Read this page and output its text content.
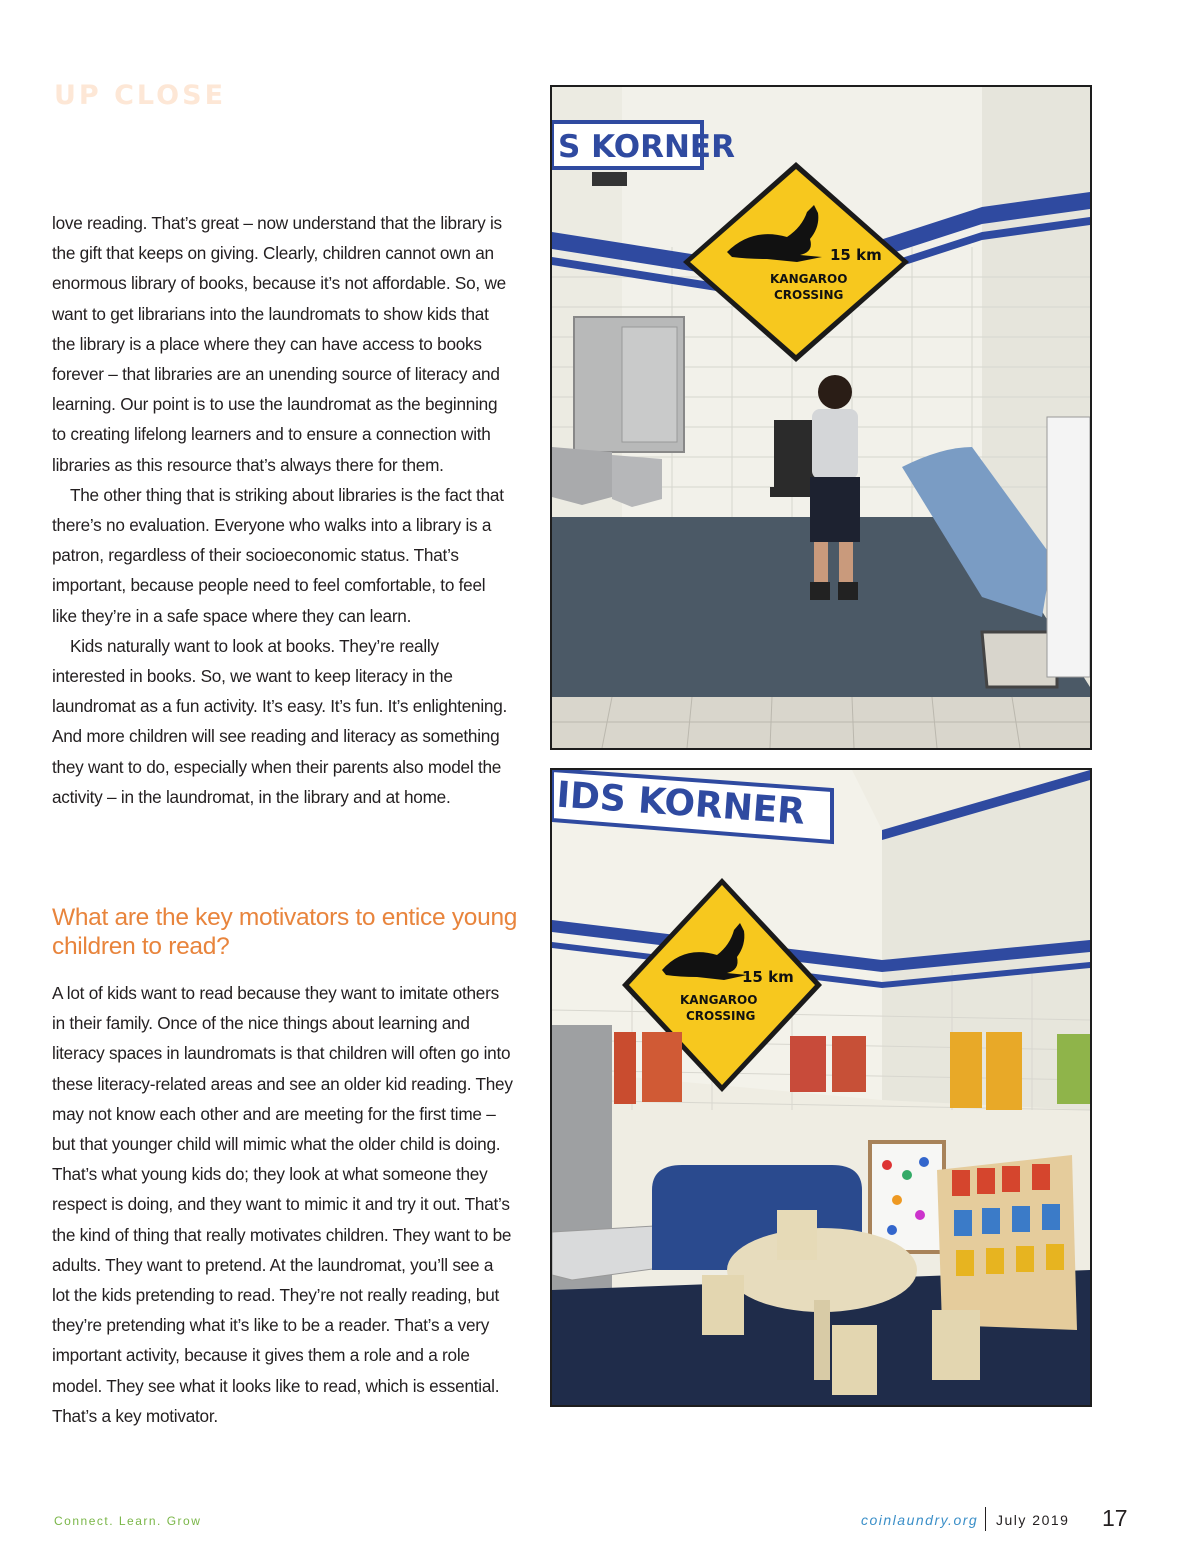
UP CLOSE

love reading. That’s great – now understand that the library is the gift that keeps on giving. Clearly, children cannot own an enormous library of books, because it’s not affordable. So, we want to get librarians into the laundromats to show kids that the library is a place where they can have access to books forever – that libraries are an unending source of literacy and learning. Our point is to use the laundromat as the beginning to creating lifelong learners and to ensure a connection with libraries as this resource that’s always there for them.

The other thing that is striking about libraries is the fact that there’s no evaluation. Everyone who walks into a library is a patron, regardless of their socioeconomic status. That’s important, because people need to feel comfortable, to feel like they’re in a safe space where they can learn.

Kids naturally want to look at books. They’re really interested in books. So, we want to keep literacy in the laundromat as a fun activity. It’s easy. It’s fun. It’s enlightening. And more children will see reading and literacy as something they want to do, especially when their parents also model the activity – in the laundromat, in the library and at home.

What are the key motivators to entice young children to read?

A lot of kids want to read because they want to imitate others in their family. Once of the nice things about learning and literacy spaces in laundromats is that children will often go into these literacy-related areas and see an older kid reading. They may not know each other and are meeting for the first time – but that younger child will mimic what the older child is doing. That’s what young kids do; they look at what someone they respect is doing, and they want to mimic it and try it out. That’s the kind of thing that really motivates children. They want to be adults. They want to pretend. At the laundromat, you’ll see a lot the kids pretending to read. They’re not really reading, but they’re pretending what it’s like to be a reader. That’s a very important activity, because it gives them a role and a role model. They see what it looks like to read, which is essential. That’s a key motivator.

S KORNER
15 km
KANGAROO
CROSSING
IDS KORNER
15 km
KANGAROO
CROSSING
Connect. Learn. Grow	coinlaundry.org July 2019 17
